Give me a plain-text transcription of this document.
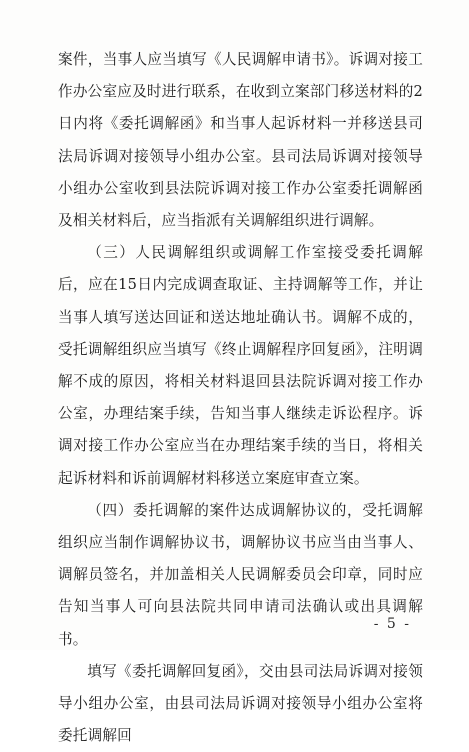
案件，当事人应当填写《人民调解申请书》。诉调对接工作办公室应及时进行联系，在收到立案部门移送材料的2日内将《委托调解函》和当事人起诉材料一并移送县司法局诉调对接领导小组办公室。县司法局诉调对接领导小组办公室收到县法院诉调对接工作办公室委托调解函及相关材料后，应当指派有关调解组织进行调解。

（三）人民调解组织或调解工作室接受委托调解后，应在15日内完成调查取证、主持调解等工作，并让当事人填写送达回证和送达地址确认书。调解不成的，受托调解组织应当填写《终止调解程序回复函》，注明调解不成的原因，将相关材料退回县法院诉调对接工作办公室，办理结案手续，告知当事人继续走诉讼程序。诉调对接工作办公室应当在办理结案手续的当日，将相关起诉材料和诉前调解材料移送立案庭审查立案。

（四）委托调解的案件达成调解协议的，受托调解组织应当制作调解协议书，调解协议书应当由当事人、调解员签名，并加盖相关人民调解委员会印章，同时应告知当事人可向县法院共同申请司法确认或出具调解书。

填写《委托调解回复函》，交由县司法局诉调对接领导小组办公室，由县司法局诉调对接领导小组办公室将委托调解回

- 5 -
